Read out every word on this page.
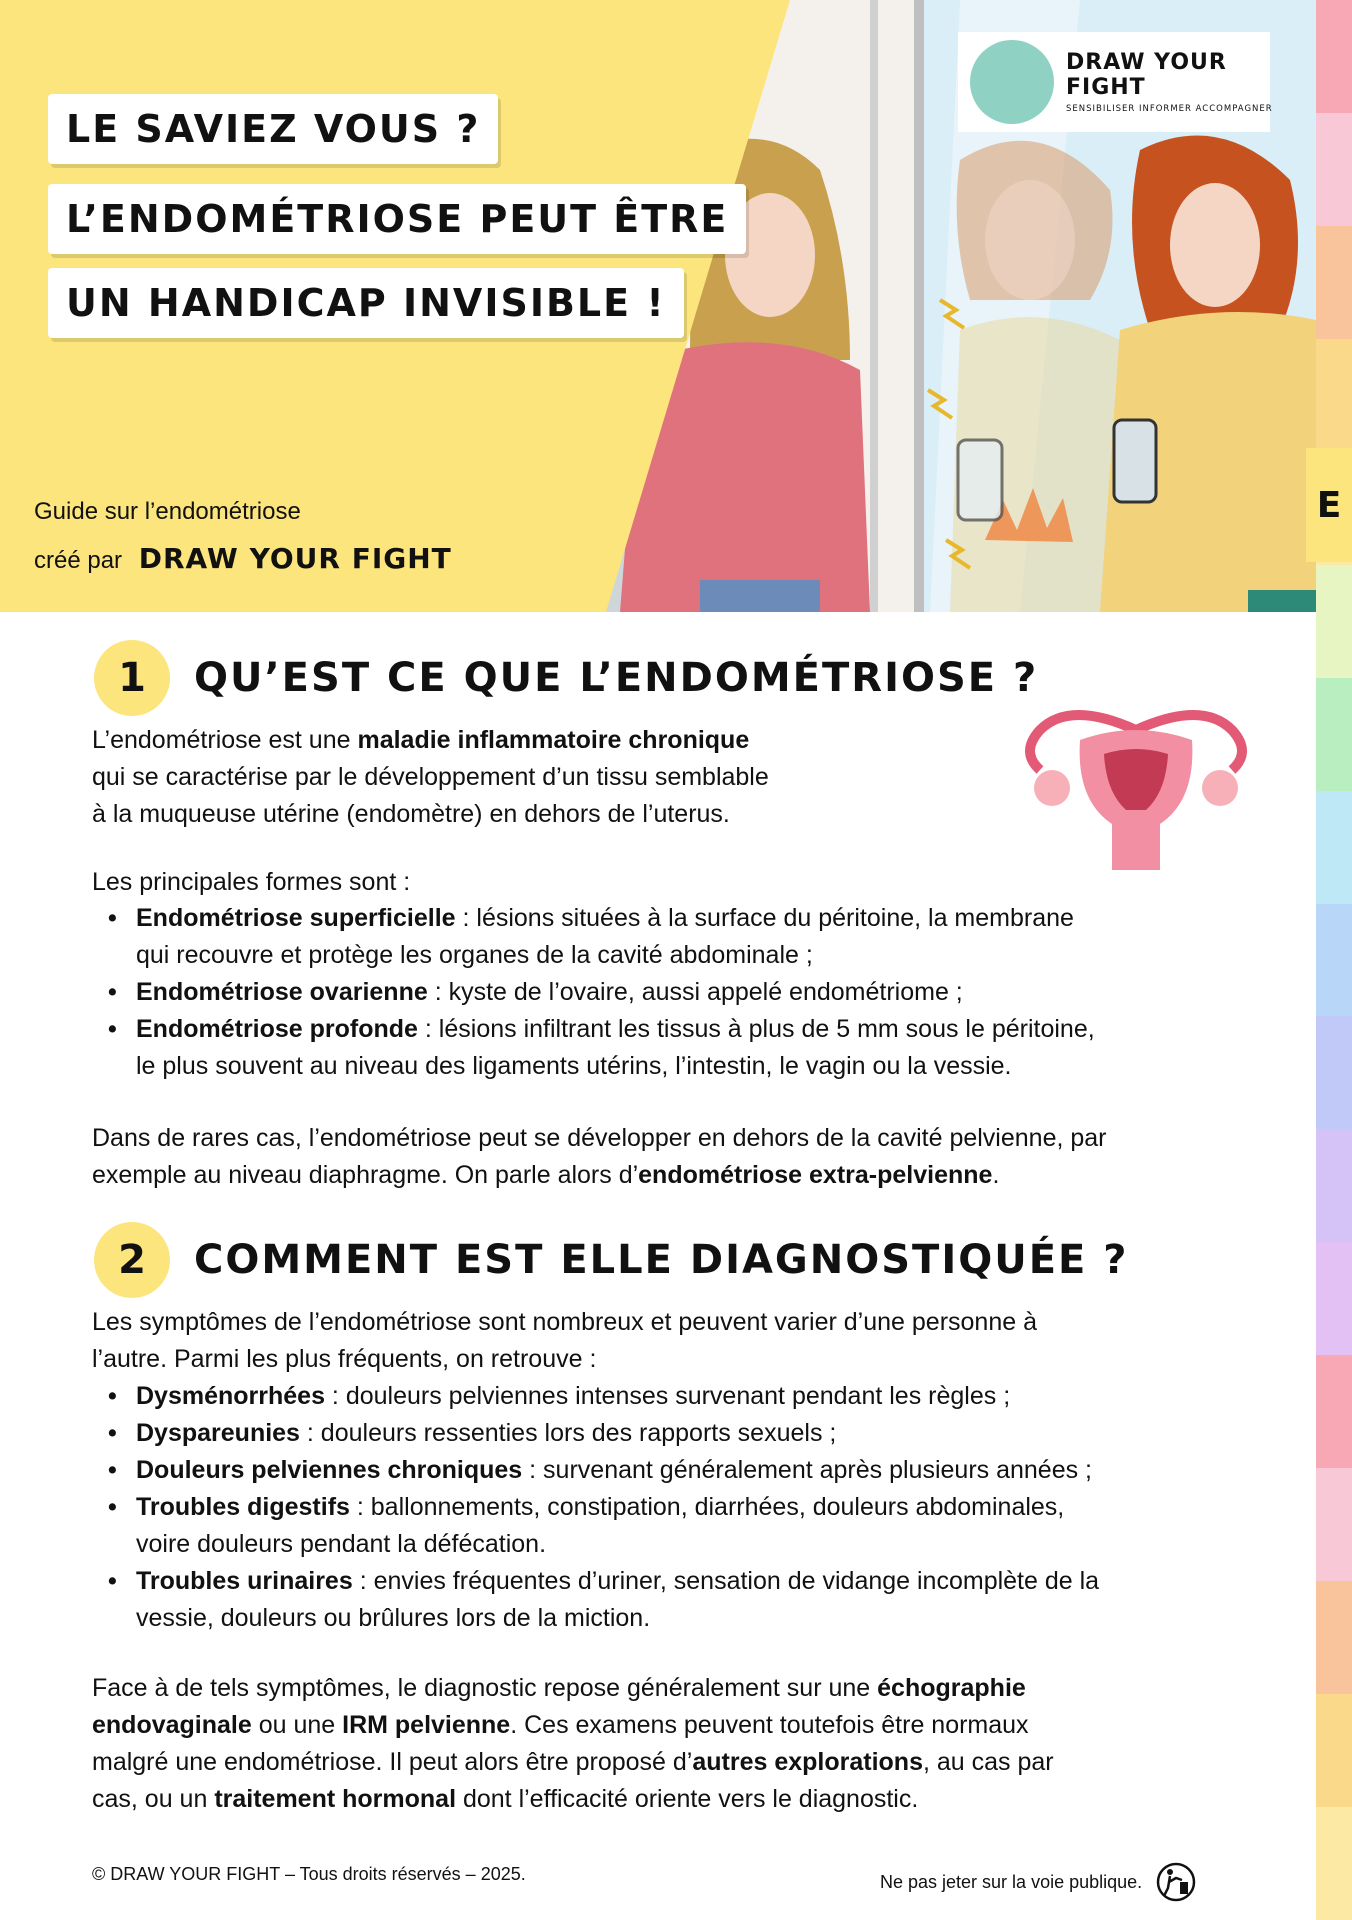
LE SAVIEZ VOUS ?
L’ENDOMÉTRIOSE PEUT ÊTRE
UN HANDICAP INVISIBLE !
Guide sur l’endométriose
créé par DRAW YOUR FIGHT
DRAW YOUR FIGHT
SENSIBILISER INFORMER ACCOMPAGNER
E
1	QU’EST CE QUE L’ENDOMÉTRIOSE ?
L’endométriose est une maladie inflammatoire chronique
qui se caractérise par le développement d’un tissu semblable
à la muqueuse utérine (endomètre) en dehors de l’uterus.
Les principales formes sont :
• Endométriose superficielle : lésions situées à la surface du péritoine, la membrane
qui recouvre et protège les organes de la cavité abdominale ;
• Endométriose ovarienne : kyste de l’ovaire, aussi appelé endométriome ;
• Endométriose profonde : lésions infiltrant les tissus à plus de 5 mm sous le péritoine,
le plus souvent au niveau des ligaments utérins, l’intestin, le vagin ou la vessie.
Dans de rares cas, l’endométriose peut se développer en dehors de la cavité pelvienne, par
exemple au niveau diaphragme. On parle alors d’endométriose extra-pelvienne.
2	COMMENT EST ELLE DIAGNOSTIQUÉE ?
Les symptômes de l’endométriose sont nombreux et peuvent varier d’une personne à
l’autre. Parmi les plus fréquents, on retrouve :
• Dysménorrhées : douleurs pelviennes intenses survenant pendant les règles ;
• Dyspareunies : douleurs ressenties lors des rapports sexuels ;
• Douleurs pelviennes chroniques : survenant généralement après plusieurs années ;
• Troubles digestifs : ballonnements, constipation, diarrhées, douleurs abdominales,
voire douleurs pendant la défécation.
• Troubles urinaires : envies fréquentes d’uriner, sensation de vidange incomplète de la
vessie, douleurs ou brûlures lors de la miction.
Face à de tels symptômes, le diagnostic repose généralement sur une échographie
endovaginale ou une IRM pelvienne. Ces examens peuvent toutefois être normaux
malgré une endométriose. Il peut alors être proposé d’autres explorations, au cas par
cas, ou un traitement hormonal dont l’efficacité oriente vers le diagnostic.
© DRAW YOUR FIGHT – Tous droits réservés – 2025.	Ne pas jeter sur la voie publique.
